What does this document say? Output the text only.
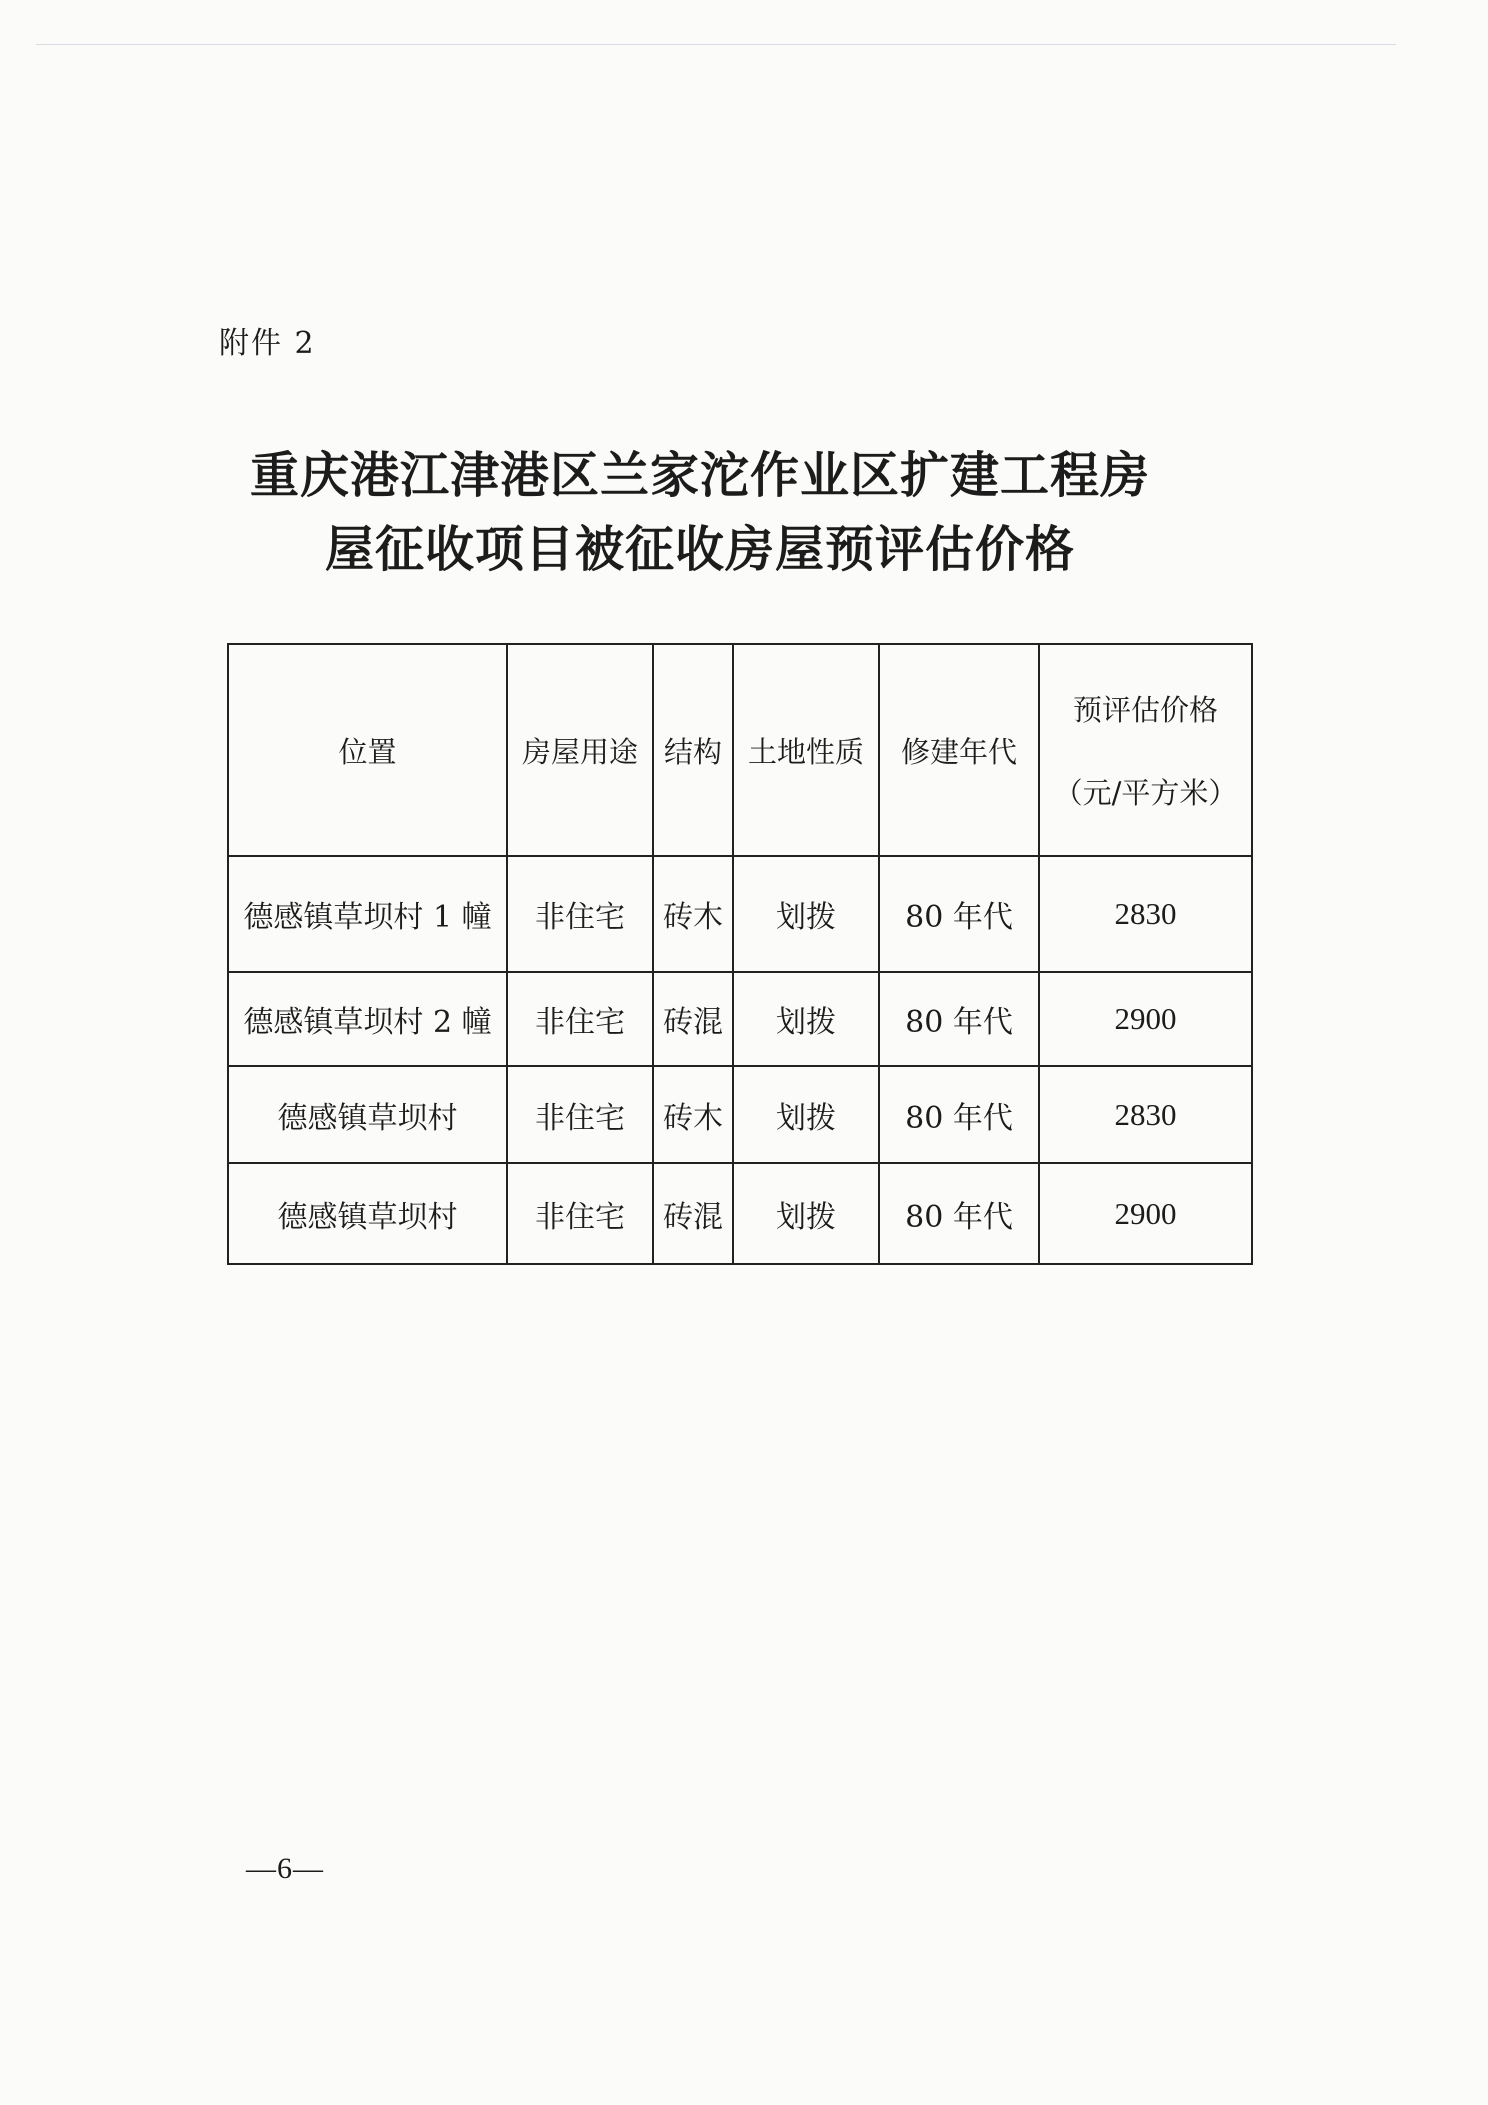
附件 2
重庆港江津港区兰家沱作业区扩建工程房
屋征收项目被征收房屋预评估价格
位置	房屋用途	结构	土地性质	修建年代	预评估价格
（元/平方米）

德感镇草坝村 1 幢	非住宅	砖木	划拨	80 年代	2830
德感镇草坝村 2 幢	非住宅	砖混	划拨	80 年代	2900
德感镇草坝村	非住宅	砖木	划拨	80 年代	2830
德感镇草坝村	非住宅	砖混	划拨	80 年代	2900
—6—
